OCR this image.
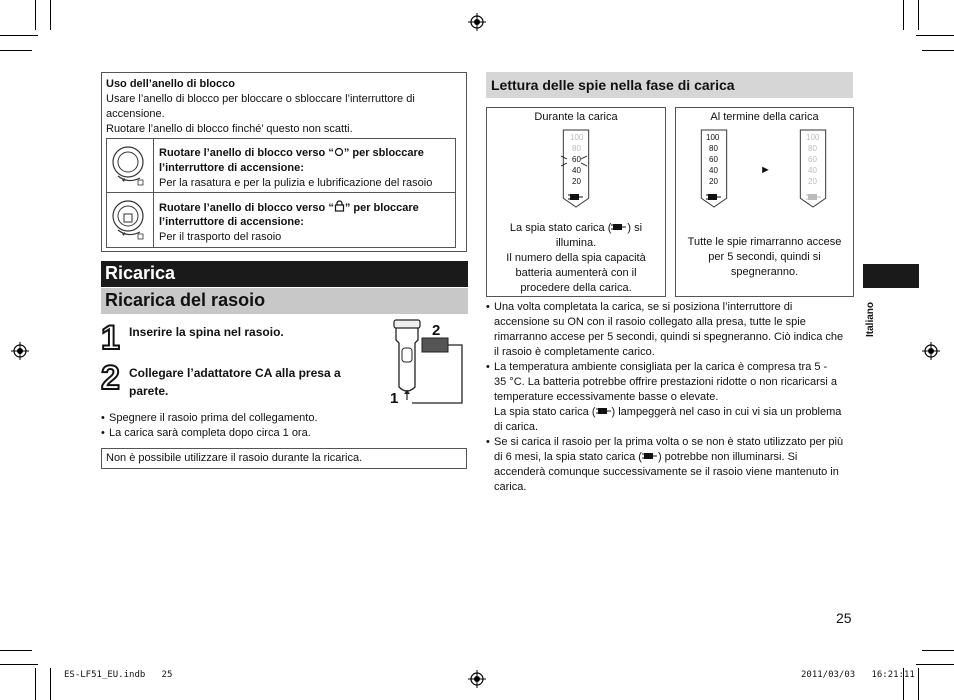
Uso dell’anello di blocco
Usare l’anello di blocco per bloccare o sbloccare l’interruttore di
accensione.
Ruotare l’anello di blocco finché’ questo non scatti.
Ruotare l’anello di blocco verso “ ” per sbloccare
l’interruttore di accensione:
Per la rasatura e per la pulizia e lubrificazione del rasoio
Ruotare l’anello di blocco verso “ ” per bloccare
l’interruttore di accensione:
Per il trasporto del rasoio
Ricarica
Ricarica del rasoio
1 Inserire la spina nel rasoio.
2 Collegare l’adattatore CA alla presa a
parete.
2
1
• Spegnere il rasoio prima del collegamento.
• La carica sarà completa dopo circa 1 ora.
Non è possibile utilizzare il rasoio durante la ricarica.
Lettura delle spie nella fase di carica
Durante la carica
100
80
60
40
20
La spia stato carica ( ) si
illumina.
Il numero della spia capacità
batteria aumenterà con il
procedere della carica.
Al termine della carica
100
80
60
40
20
►
100
80
60
40
20
Tutte le spie rimarranno accese
per 5 secondi, quindi si
spegneranno.
• Una volta completata la carica, se si posiziona l’interruttore di
accensione su ON con il rasoio collegato alla presa, tutte le spie
rimarranno accese per 5 secondi, quindi si spegneranno. Ciò indica che
il rasoio è completamente carico.
• La temperatura ambiente consigliata per la carica è compresa tra 5 -
35 °C. La batteria potrebbe offrire prestazioni ridotte o non ricaricarsi a
temperature eccessivamente basse o elevate.
La spia stato carica ( ) lampeggerà nel caso in cui vi sia un problema
di carica.
• Se si carica il rasoio per la prima volta o se non è stato utilizzato per più
di 6 mesi, la spia stato carica ( ) potrebbe non illuminarsi. Si
accenderà comunque successivamente se il rasoio viene mantenuto in
carica.
Italiano
25
ES-LF51_EU.indb   25	2011/03/03   16:21:11
